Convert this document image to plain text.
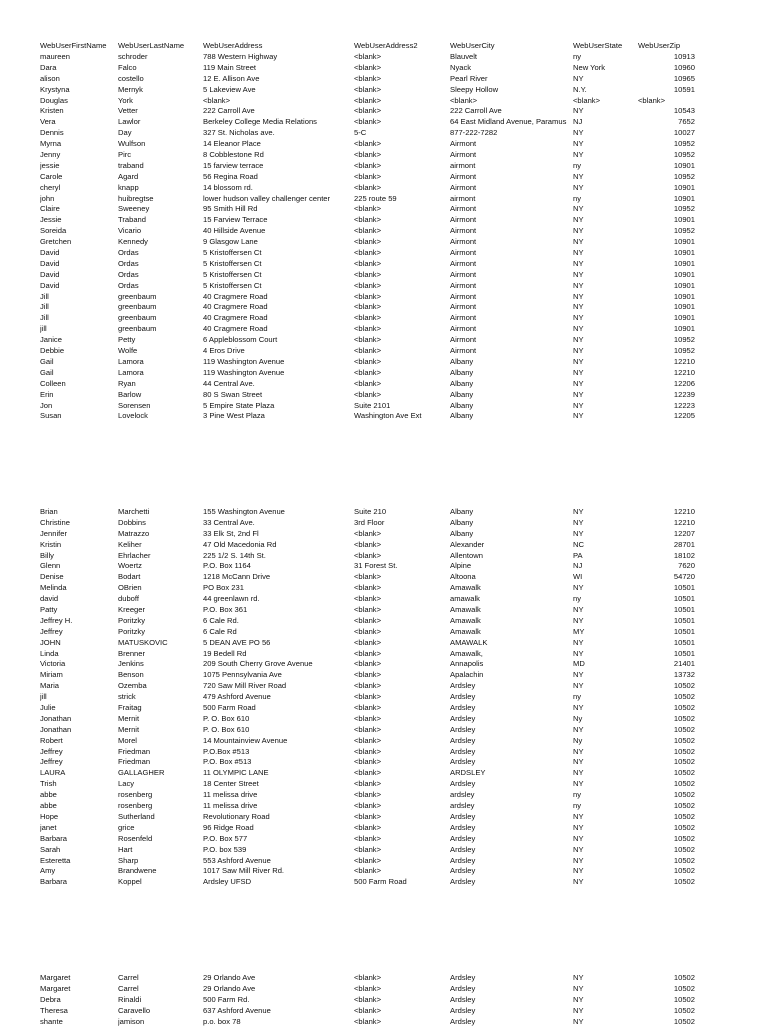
WebUserFirstName	WebUserLastName	WebUserAddress	WebUserAddress2	WebUserCity	WebUserState	WebUserZip
maureen	schroder	788 Western Highway	<blank>	Blauvelt	ny	10913
Dara	Falco	119 Main Street	<blank>	Nyack	New York	10960
alison	costello	12 E. Allison Ave	<blank>	Pearl River	NY	10965
Krystyna	Mernyk	5 Lakeview Ave	<blank>	Sleepy Hollow	N.Y.	10591
Douglas	York	<blank>	<blank>	<blank>	<blank>	<blank>
Kristen	Vetter	222 Carroll Ave	<blank>	222 Carroll Ave	NY	10543
Vera	Lawlor	Berkeley College Media Relations	<blank>	64 East Midland Avenue, Paramus NJ	7652
Dennis	Day	327 St. Nicholas ave.	5-C	877-222-7282	NY	10027
Myrna	Wulfson	14 Eleanor Place	<blank>	Airmont	NY	10952
Jenny	Pirc	8 Cobblestone Rd	<blank>	Airmont	NY	10952
jessie	traband	15 farview terrace	<blank>	airmont	ny	10901
Carole	Agard	56 Regina Road	<blank>	Airmont	NY	10952
cheryl	knapp	14 blossom rd.	<blank>	Airmont	NY	10901
john	huibregtse	lower hudson valley challenger center	225 route 59	airmont	ny	10901
Claire	Sweeney	95 Smith Hill Rd	<blank>	Airmont	NY	10952
Jessie	Traband	15 Farview Terrace	<blank>	Airmont	NY	10901
Soreida	Vicario	40 Hillside Avenue	<blank>	Airmont	NY	10952
Gretchen	Kennedy	9 Glasgow Lane	<blank>	Airmont	NY	10901
David	Ordas	5 Kristoffersen Ct	<blank>	Airmont	NY	10901
David	Ordas	5 Kristoffersen Ct	<blank>	Airmont	NY	10901
David	Ordas	5 Kristoffersen Ct	<blank>	Airmont	NY	10901
David	Ordas	5 Kristoffersen Ct	<blank>	Airmont	NY	10901
Jill	greenbaum	40 Cragmere Road	<blank>	Airmont	NY	10901
Jill	greenbaum	40 Cragmere Road	<blank>	Airmont	NY	10901
Jill	greenbaum	40 Cragmere Road	<blank>	Airmont	NY	10901
jill	greenbaum	40 Cragmere Road	<blank>	Airmont	NY	10901
Janice	Petty	6 Appleblossom Court	<blank>	Airmont	NY	10952
Debbie	Wolfe	4 Eros Drive	<blank>	Airmont	NY	10952
Gail	Lamora	119 Washington Avenue	<blank>	Albany	NY	12210
Gail	Lamora	119 Washington Avenue	<blank>	Albany	NY	12210
Colleen	Ryan	44 Central Ave.	<blank>	Albany	NY	12206
Erin	Barlow	80 S Swan Street	<blank>	Albany	NY	12239
Jon	Sorensen	5 Empire State Plaza	Suite 2101	Albany	NY	12223
Susan	Lovelock	3 Pine West Plaza	Washington Ave Ext	Albany	NY	12205
Brian	Marchetti	155 Washington Avenue	Suite 210	Albany	NY	12210
Christine	Dobbins	33 Central Ave.	3rd Floor	Albany	NY	12210
Jennifer	Matrazzo	33 Elk St, 2nd Fl	<blank>	Albany	NY	12207
Kristin	Keliher	47 Old Macedonia Rd	<blank>	Alexander	NC	28701
Billy	Ehrlacher	225 1/2 S. 14th St.	<blank>	Allentown	PA	18102
Glenn	Woertz	P.O. Box 1164	31 Forest St.	Alpine	NJ	7620
Denise	Bodart	1218 McCann Drive	<blank>	Altoona	WI	54720
Melinda	OBrien	PO Box 231	<blank>	Amawalk	NY	10501
david	duboff	44 greenlawn rd.	<blank>	amawalk	ny	10501
Patty	Kreeger	P.O. Box 361	<blank>	Amawalk	NY	10501
Jeffrey H.	Poritzky	6 Cale Rd.	<blank>	Amawalk	NY	10501
Jeffrey	Poritzky	6 Cale Rd	<blank>	Amawalk	MY	10501
JOHN	MATUSKOVIC	5 DEAN AVE PO 56	<blank>	AMAWALK	NY	10501
Linda	Brenner	19 Bedell Rd	<blank>	Amawalk,	NY	10501
Victoria	Jenkins	209 South Cherry Grove Avenue	<blank>	Annapolis	MD	21401
Miriam	Benson	1075 Pennsylvania Ave	<blank>	Apalachin	NY	13732
Maria	Ozemba	720 Saw Mill River Road	<blank>	Ardsley	NY	10502
jill	strick	479 Ashford Avenue	<blank>	Ardsley	ny	10502
Julie	Fraitag	500 Farm Road	<blank>	Ardsley	NY	10502
Jonathan	Mernit	P. O. Box 610	<blank>	Ardsley	Ny	10502
Jonathan	Mernit	P. O. Box 610	<blank>	Ardsley	NY	10502
Robert	Morel	14 Mountainview Avenue	<blank>	Ardsley	Ny	10502
Jeffrey	Friedman	P.O.Box #513	<blank>	Ardsley	NY	10502
Jeffrey	Friedman	P.O. Box #513	<blank>	Ardsley	NY	10502
LAURA	GALLAGHER	11 OLYMPIC LANE	<blank>	ARDSLEY	NY	10502
Trish	Lacy	18 Center Street	<blank>	Ardsley	NY	10502
abbe	rosenberg	11 melissa drive	<blank>	ardsley	ny	10502
abbe	rosenberg	11 melissa drive	<blank>	ardsley	ny	10502
Hope	Sutherland	Revolutionary Road	<blank>	Ardsley	NY	10502
janet	grice	96 Ridge Road	<blank>	Ardsley	NY	10502
Barbara	Rosenfeld	P.O. Box 577	<blank>	Ardsley	NY	10502
Sarah	Hart	P.O. box 539	<blank>	Ardsley	NY	10502
Esteretta	Sharp	553 Ashford Avenue	<blank>	Ardsley	NY	10502
Amy	Brandwene	1017 Saw Mill River Rd.	<blank>	Ardsley	NY	10502
Barbara	Koppel	Ardsley UFSD	500 Farm Road	Ardsley	NY	10502
Margaret	Carrel	29 Orlando Ave	<blank>	Ardsley	NY	10502
Margaret	Carrel	29 Orlando Ave	<blank>	Ardsley	NY	10502
Debra	Rinaldi	500 Farm Rd.	<blank>	Ardsley	NY	10502
Theresa	Caravello	637 Ashford Avenue	<blank>	Ardsley	NY	10502
shante	jamison	p.o. box 78	<blank>	Ardsley	NY	10502
